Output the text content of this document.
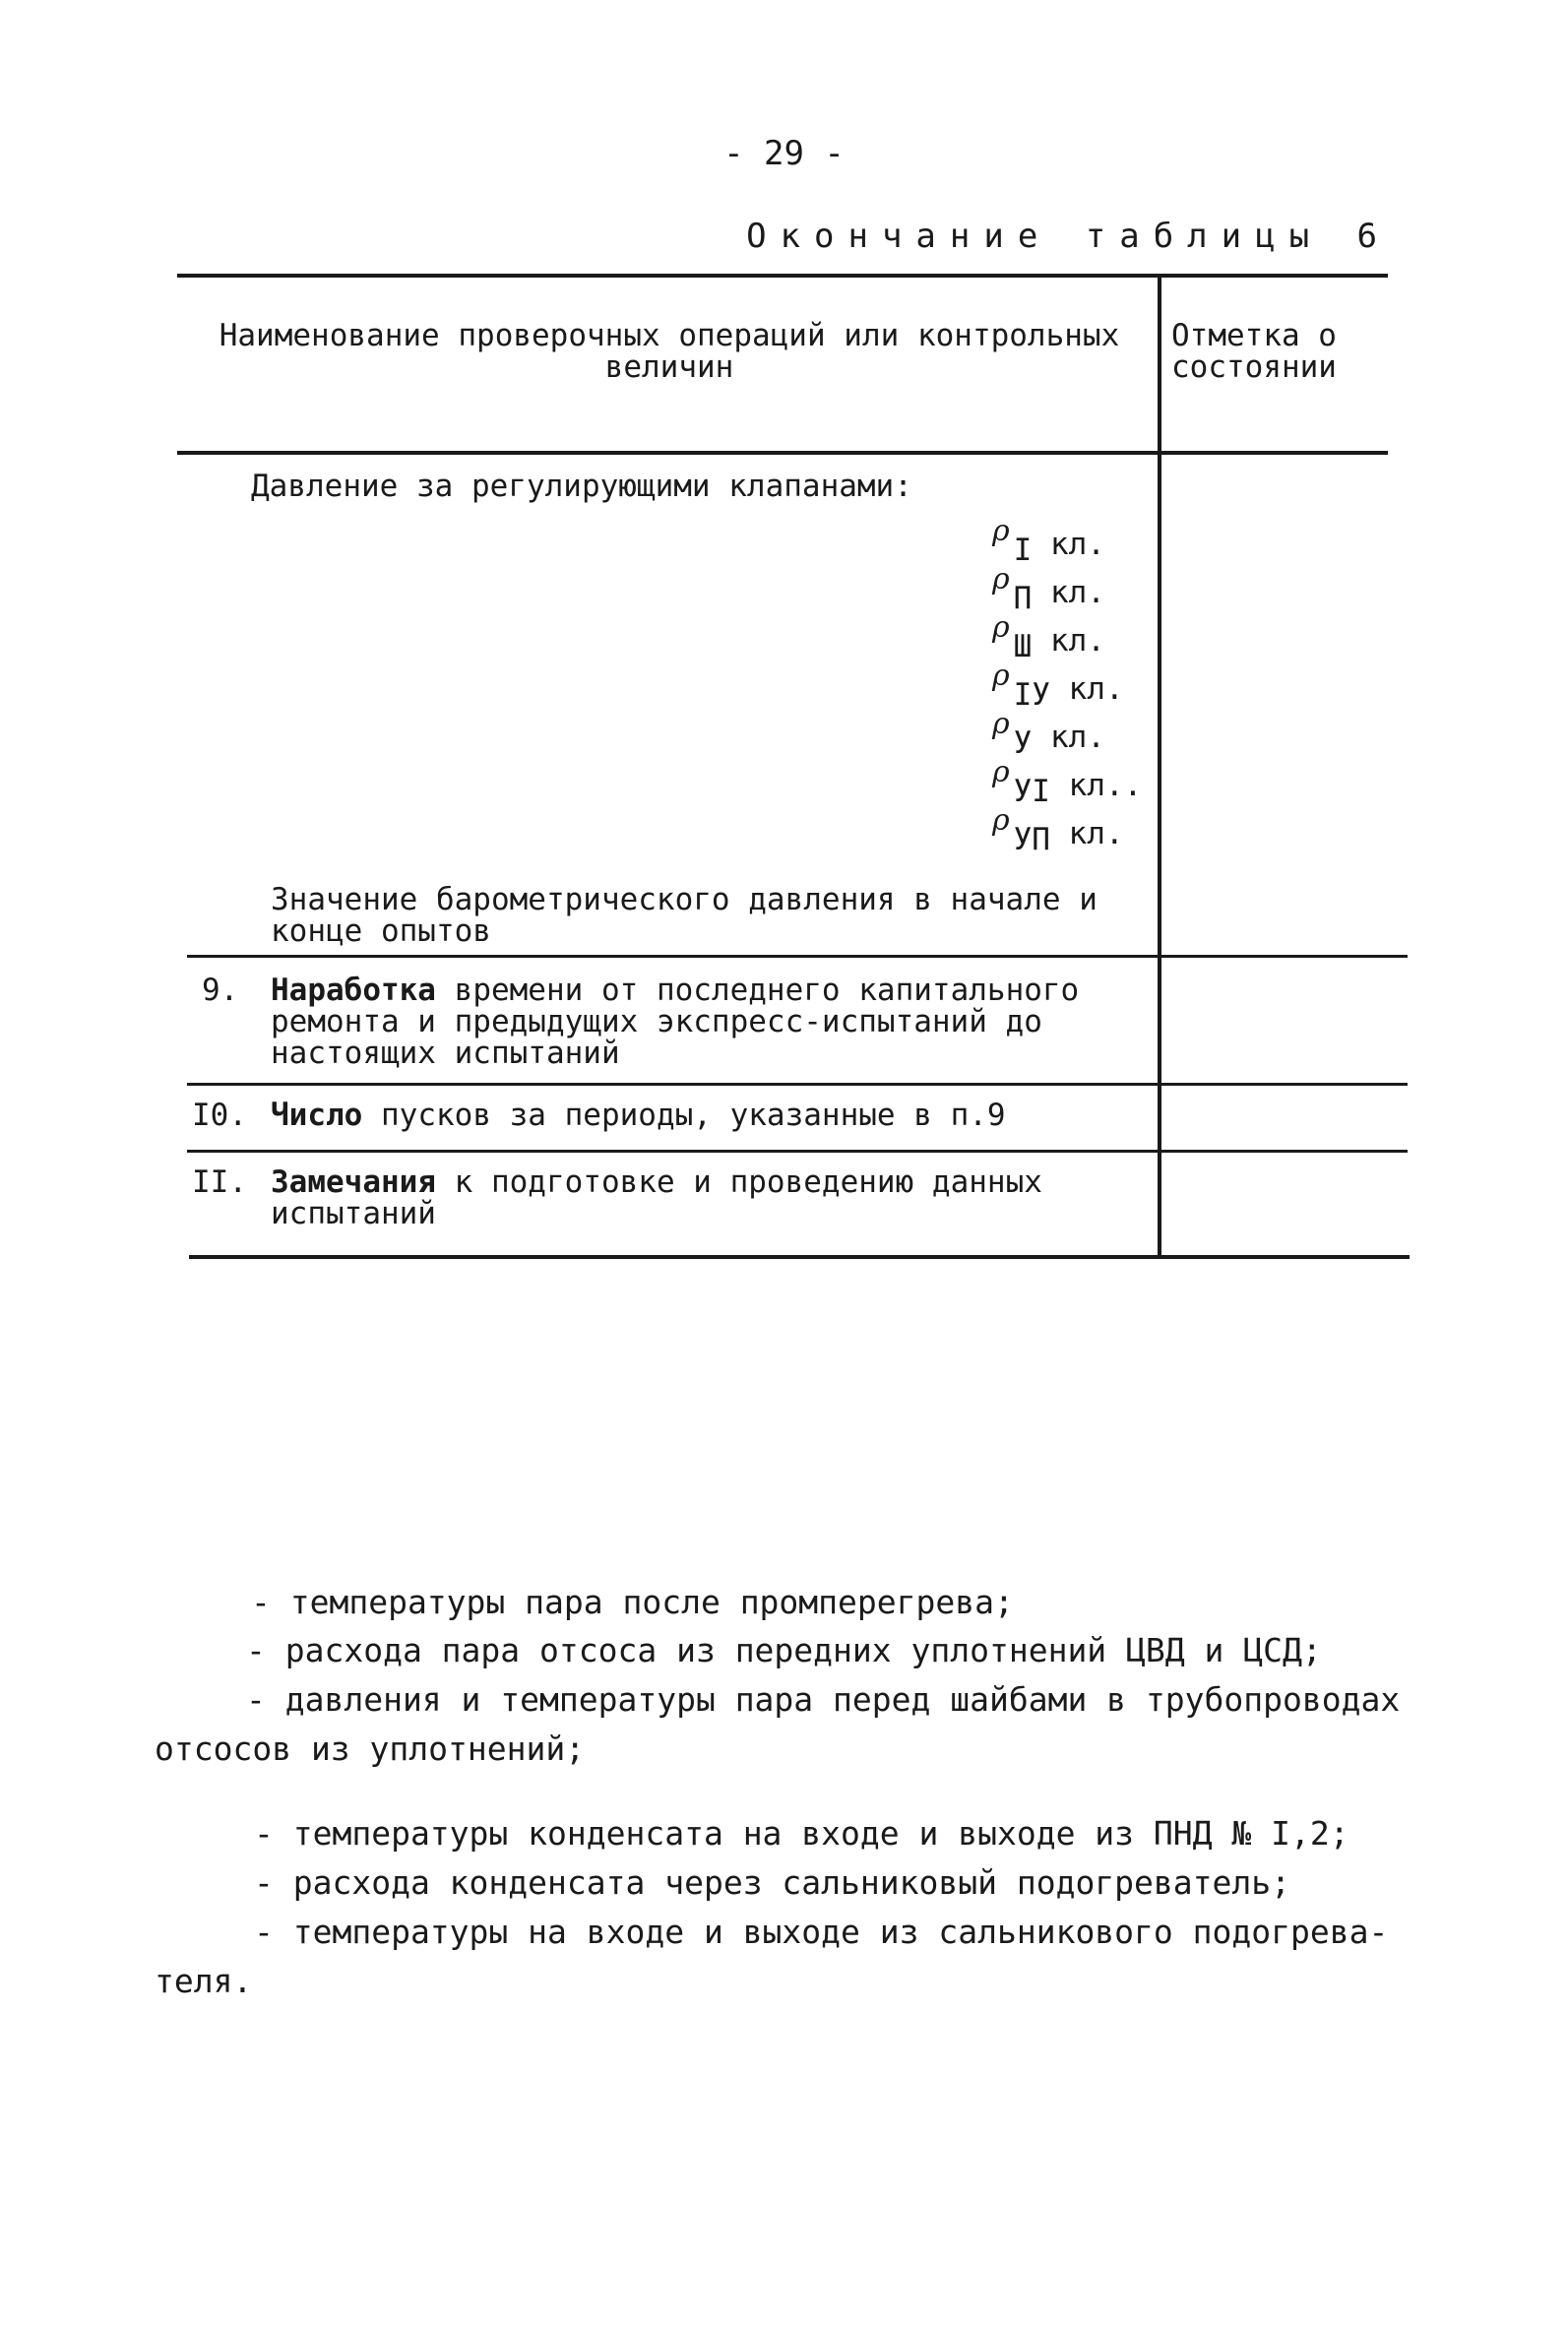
- 29 -
Окончание таблицы 6
Наименование проверочных операций или контрольных величин
Отметка о состоянии
Давление за регулирующими клапанами:
ρI кл.
ρП кл.
ρШ кл.
ρIУ кл.
ρУ кл.
ρУI кл..
ρУП кл.
Значение барометрического давления в начале и конце опытов
9. Наработка времени от последнего капитального ремонта и предыдущих экспресс-испытаний до настоящих испытаний
I0. Число пусков за периоды, указанные в п.9
II. Замечания к подготовке и проведению данных испытаний
- температуры пара после промперегрева;
- расхода пара отсоса из передних уплотнений ЦВД и ЦСД;
- давления и температуры пара перед шайбами в трубопроводах
отсосов из уплотнений;
- температуры конденсата на входе и выходе из ПНД № I,2;
- расхода конденсата через сальниковый подогреватель;
- температуры на входе и выходе из сальникового подогрева-
теля.
